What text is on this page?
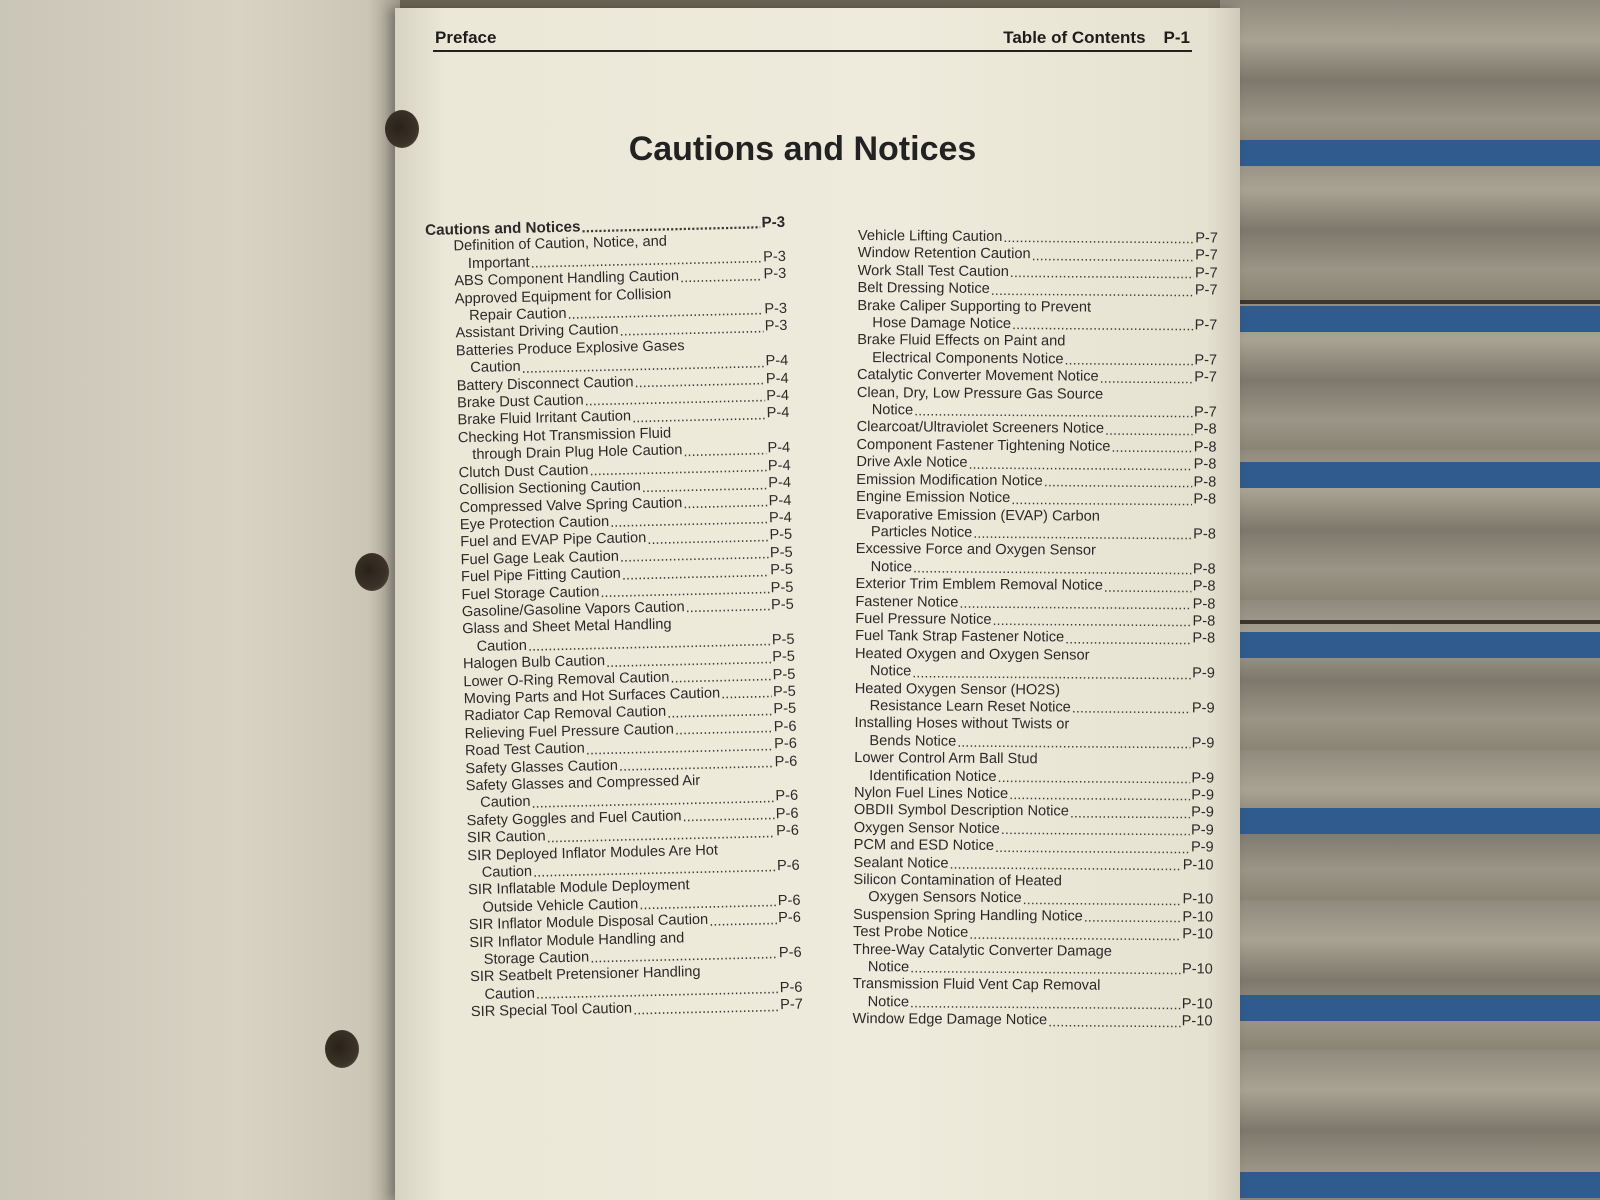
Preface	Table of Contents P-1
Cautions and Notices
Cautions and Notices .....	P-3
Definition of Caution, Notice, and
Important .....	P-3
ABS Component Handling Caution .....	P-3
Approved Equipment for Collision
Repair Caution .....	P-3
Assistant Driving Caution .....	P-3
Batteries Produce Explosive Gases
Caution .....	P-4
Battery Disconnect Caution .....	P-4
Brake Dust Caution .....	P-4
Brake Fluid Irritant Caution .....	P-4
Checking Hot Transmission Fluid
through Drain Plug Hole Caution .....	P-4
Clutch Dust Caution .....	P-4
Collision Sectioning Caution .....	P-4
Compressed Valve Spring Caution .....	P-4
Eye Protection Caution .....	P-4
Fuel and EVAP Pipe Caution .....	P-5
Fuel Gage Leak Caution .....	P-5
Fuel Pipe Fitting Caution .....	P-5
Fuel Storage Caution .....	P-5
Gasoline/Gasoline Vapors Caution .....	P-5
Glass and Sheet Metal Handling
Caution .....	P-5
Halogen Bulb Caution .....	P-5
Lower O-Ring Removal Caution .....	P-5
Moving Parts and Hot Surfaces Caution .....	P-5
Radiator Cap Removal Caution .....	P-5
Relieving Fuel Pressure Caution .....	P-6
Road Test Caution .....	P-6
Safety Glasses Caution .....	P-6
Safety Glasses and Compressed Air
Caution .....	P-6
Safety Goggles and Fuel Caution .....	P-6
SIR Caution .....	P-6
SIR Deployed Inflator Modules Are Hot
Caution .....	P-6
SIR Inflatable Module Deployment
Outside Vehicle Caution .....	P-6
SIR Inflator Module Disposal Caution .....	P-6
SIR Inflator Module Handling and
Storage Caution .....	P-6
SIR Seatbelt Pretensioner Handling
Caution .....	P-6
SIR Special Tool Caution .....	P-7
Vehicle Lifting Caution .....	P-7
Window Retention Caution .....	P-7
Work Stall Test Caution .....	P-7
Belt Dressing Notice .....	P-7
Brake Caliper Supporting to Prevent
Hose Damage Notice .....	P-7
Brake Fluid Effects on Paint and
Electrical Components Notice .....	P-7
Catalytic Converter Movement Notice .....	P-7
Clean, Dry, Low Pressure Gas Source
Notice .....	P-7
Clearcoat/Ultraviolet Screeners Notice .....	P-8
Component Fastener Tightening Notice .....	P-8
Drive Axle Notice .....	P-8
Emission Modification Notice .....	P-8
Engine Emission Notice .....	P-8
Evaporative Emission (EVAP) Carbon
Particles Notice .....	P-8
Excessive Force and Oxygen Sensor
Notice .....	P-8
Exterior Trim Emblem Removal Notice .....	P-8
Fastener Notice .....	P-8
Fuel Pressure Notice .....	P-8
Fuel Tank Strap Fastener Notice .....	P-8
Heated Oxygen and Oxygen Sensor
Notice .....	P-9
Heated Oxygen Sensor (HO2S)
Resistance Learn Reset Notice .....	P-9
Installing Hoses without Twists or
Bends Notice .....	P-9
Lower Control Arm Ball Stud
Identification Notice .....	P-9
Nylon Fuel Lines Notice .....	P-9
OBDII Symbol Description Notice .....	P-9
Oxygen Sensor Notice .....	P-9
PCM and ESD Notice .....	P-9
Sealant Notice .....	P-10
Silicon Contamination of Heated
Oxygen Sensors Notice .....	P-10
Suspension Spring Handling Notice .....	P-10
Test Probe Notice .....	P-10
Three-Way Catalytic Converter Damage
Notice .....	P-10
Transmission Fluid Vent Cap Removal
Notice .....	P-10
Window Edge Damage Notice .....	P-10
